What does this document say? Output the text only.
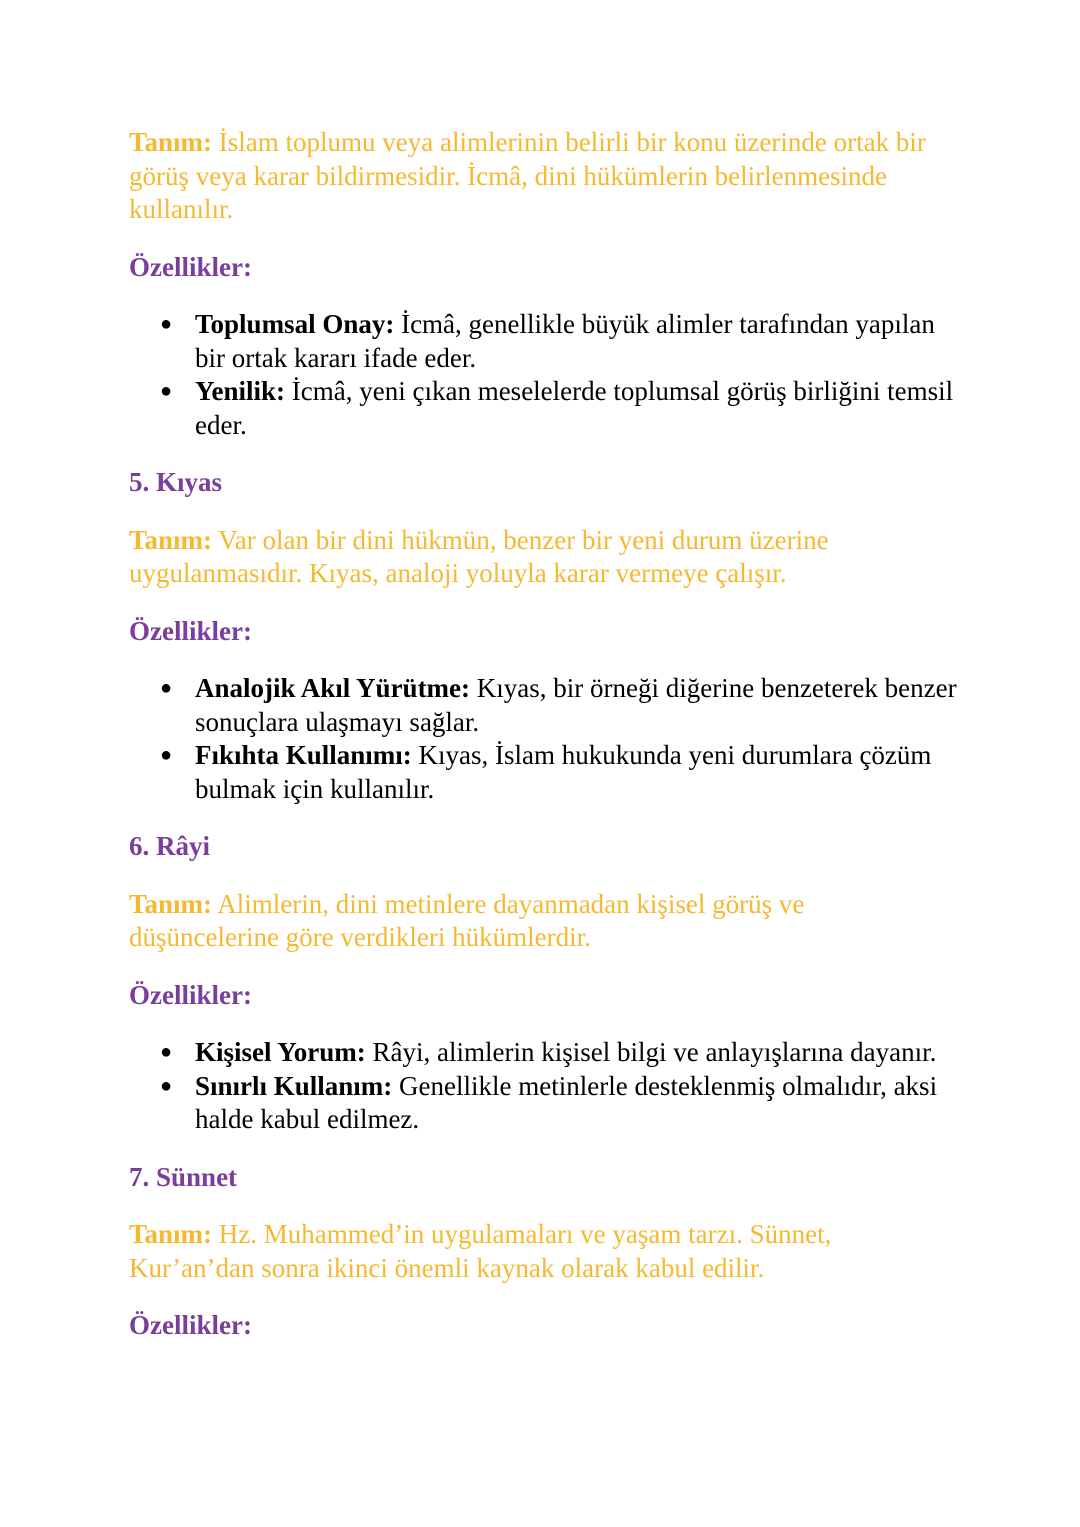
Tanım: İslam toplumu veya alimlerinin belirli bir konu üzerinde ortak bir görüş veya karar bildirmesidir. İcmâ, dini hükümlerin belirlenmesinde kullanılır.

Özellikler:
● Toplumsal Onay: İcmâ, genellikle büyük alimler tarafından yapılan bir ortak kararı ifade eder.
● Yenilik: İcmâ, yeni çıkan meselelerde toplumsal görüş birliğini temsil eder.
5. Kıyas

Tanım: Var olan bir dini hükmün, benzer bir yeni durum üzerine uygulanmasıdır. Kıyas, analoji yoluyla karar vermeye çalışır.

Özellikler:
● Analojik Akıl Yürütme: Kıyas, bir örneği diğerine benzeterek benzer sonuçlara ulaşmayı sağlar.
● Fıkıhta Kullanımı: Kıyas, İslam hukukunda yeni durumlara çözüm bulmak için kullanılır.
6. Râyi

Tanım: Alimlerin, dini metinlere dayanmadan kişisel görüş ve düşüncelerine göre verdikleri hükümlerdir.

Özellikler:
● Kişisel Yorum: Râyi, alimlerin kişisel bilgi ve anlayışlarına dayanır.
● Sınırlı Kullanım: Genellikle metinlerle desteklenmiş olmalıdır, aksi halde kabul edilmez.
7. Sünnet

Tanım: Hz. Muhammed’in uygulamaları ve yaşam tarzı. Sünnet, Kur’an’dan sonra ikinci önemli kaynak olarak kabul edilir.

Özellikler:
